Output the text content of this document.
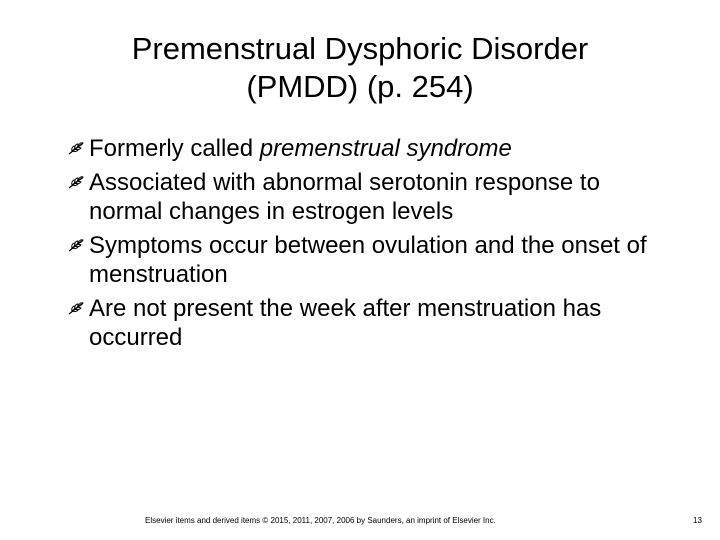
Premenstrual Dysphoric Disorder
(PMDD) (p. 254)
Formerly called premenstrual syndrome
Associated with abnormal serotonin response to normal changes in estrogen levels
Symptoms occur between ovulation and the onset of menstruation
Are not present the week after menstruation has occurred
Elsevier items and derived items © 2015, 2011, 2007, 2006 by Saunders, an imprint of Elsevier Inc.	13
